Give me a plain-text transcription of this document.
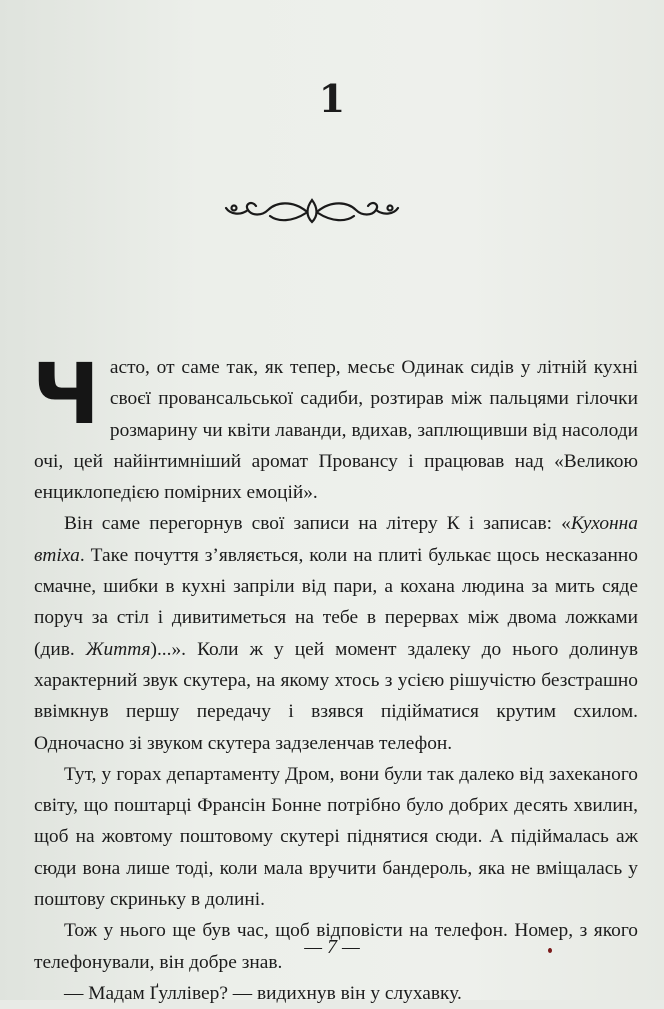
1

Часто, от саме так, як тепер, месьє Одинак сидів у літній кухні своєї провансальської садиби, розтирав між пальцями гілочки розмарину чи квіти лаванди, вдихав, заплющивши від насолоди очі, цей найінтимніший аромат Провансу і працював над «Великою енциклопедією помірних емоцій».

Він саме перегорнув свої записи на літеру К і записав: «Кухонна втіха. Таке почуття з’являється, коли на плиті булькає щось несказанно смачне, шибки в кухні запріли від пари, а кохана людина за мить сяде поруч за стіл і дивитиметься на тебе в перервах між двома ложками (див. Життя)...». Коли ж у цей момент здалеку до нього долинув характерний звук скутера, на якому хтось з усією рішучістю безстрашно ввімкнув першу передачу і взявся підійматися крутим схилом. Одночасно зі звуком скутера задзеленчав телефон.

Тут, у горах департаменту Дром, вони були так далеко від захеканого світу, що поштарці Франсін Бонне потрібно було добрих десять хвилин, щоб на жовтому поштовому скутері піднятися сюди. А підіймалась аж сюди вона лише тоді, коли мала вручити бандероль, яка не вміщалась у поштову скриньку в долині.

Тож у нього ще був час, щоб відповісти на телефон. Номер, з якого телефонували, він добре знав.

— Мадам Ґуллівер? — видихнув він у слухавку.

— 7 —
